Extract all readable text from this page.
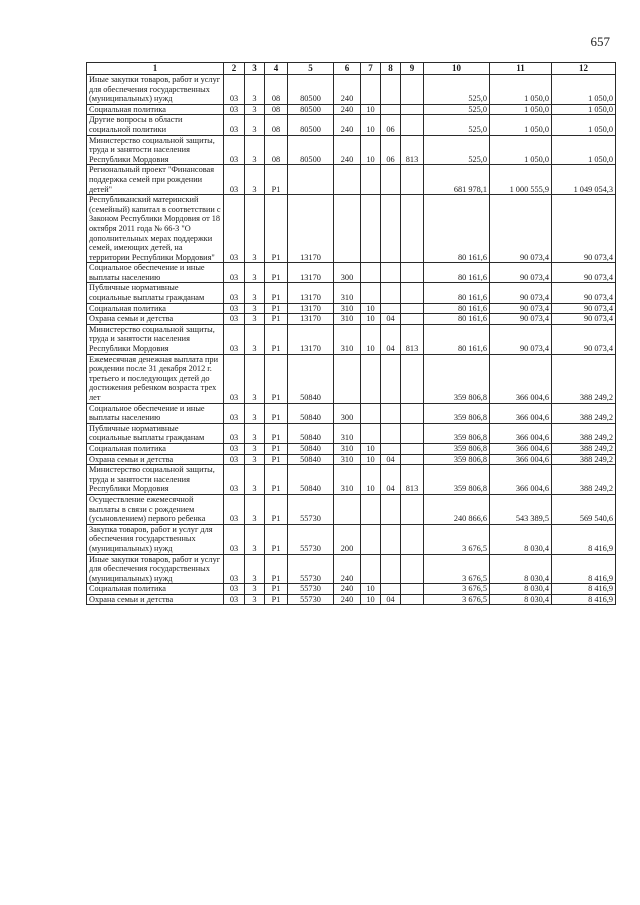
657
1	2	3	4	5	6	7	8	9	10	11	12
Иные закупки товаров, работ и услуг для обеспечения государственных (муниципальных) нужд	03	3	08	80500	240				525,0	1 050,0	1 050,0
Социальная политика	03	3	08	80500	240	10			525,0	1 050,0	1 050,0
Другие вопросы в области социальной политики	03	3	08	80500	240	10	06		525,0	1 050,0	1 050,0
Министерство социальной защиты, труда и занятости населения Республики Мордовия	03	3	08	80500	240	10	06	813	525,0	1 050,0	1 050,0
Региональный проект "Финансовая поддержка семей при рождении детей"	03	3	P1						681 978,1	1 000 555,9	1 049 054,3
Республиканский материнский (семейный) капитал в соответствии с Законом Республики Мордовия от 18 октября 2011 года № 66-З "О дополнительных мерах поддержки семей, имеющих детей, на территории Республики Мордовия"	03	3	P1	13170					80 161,6	90 073,4	90 073,4
Социальное обеспечение и иные выплаты населению	03	3	P1	13170	300				80 161,6	90 073,4	90 073,4
Публичные нормативные социальные выплаты гражданам	03	3	P1	13170	310				80 161,6	90 073,4	90 073,4
Социальная политика	03	3	P1	13170	310	10			80 161,6	90 073,4	90 073,4
Охрана семьи и детства	03	3	P1	13170	310	10	04		80 161,6	90 073,4	90 073,4
Министерство социальной защиты, труда и занятости населения Республики Мордовия	03	3	P1	13170	310	10	04	813	80 161,6	90 073,4	90 073,4
Ежемесячная денежная выплата при рождении после 31 декабря 2012 г. третьего и последующих детей до достижения ребенком возраста трех лет	03	3	P1	50840					359 806,8	366 004,6	388 249,2
Социальное обеспечение и иные выплаты населению	03	3	P1	50840	300				359 806,8	366 004,6	388 249,2
Публичные нормативные социальные выплаты гражданам	03	3	P1	50840	310				359 806,8	366 004,6	388 249,2
Социальная политика	03	3	P1	50840	310	10			359 806,8	366 004,6	388 249,2
Охрана семьи и детства	03	3	P1	50840	310	10	04		359 806,8	366 004,6	388 249,2
Министерство социальной защиты, труда и занятости населения Республики Мордовия	03	3	P1	50840	310	10	04	813	359 806,8	366 004,6	388 249,2
Осуществление ежемесячной выплаты в связи с рождением (усыновлением) первого ребенка	03	3	P1	55730					240 866,6	543 389,5	569 540,6
Закупка товаров, работ и услуг для обеспечения государственных (муниципальных) нужд	03	3	P1	55730	200				3 676,5	8 030,4	8 416,9
Иные закупки товаров, работ и услуг для обеспечения государственных (муниципальных) нужд	03	3	P1	55730	240				3 676,5	8 030,4	8 416,9
Социальная политика	03	3	P1	55730	240	10			3 676,5	8 030,4	8 416,9
Охрана семьи и детства	03	3	P1	55730	240	10	04		3 676,5	8 030,4	8 416,9
